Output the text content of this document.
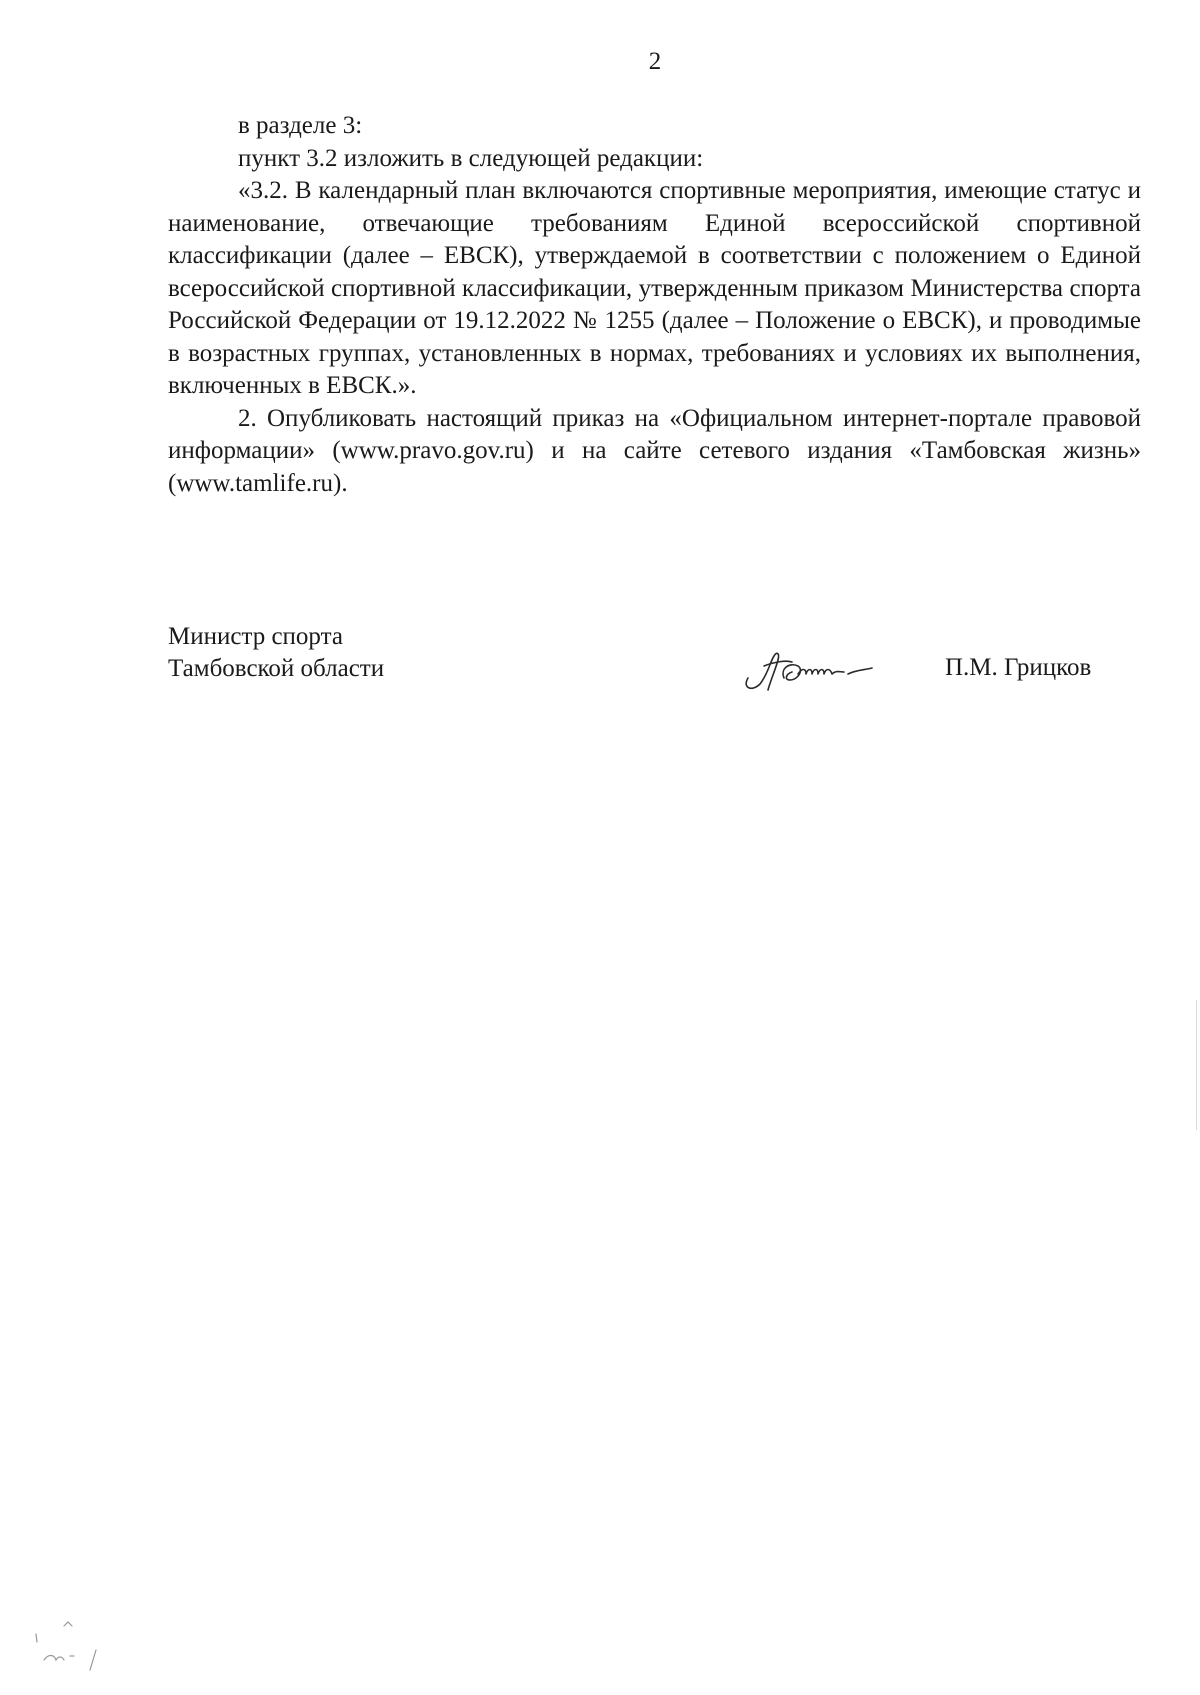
2

в разделе 3:

пункт 3.2 изложить в следующей редакции:

«3.2. В календарный план включаются спортивные мероприятия, имеющие статус и наименование, отвечающие требованиям Единой всероссийской спортивной классификации (далее – ЕВСК), утверждаемой в соответствии с положением о Единой всероссийской спортивной классификации, утвержденным приказом Министерства спорта Российской Федерации от 19.12.2022 № 1255 (далее – Положение о ЕВСК), и проводимые в возрастных группах, установленных в нормах, требованиях и условиях их выполнения, включенных в ЕВСК.».

2. Опубликовать настоящий приказ на «Официальном интернет-портале правовой информации» (www.pravo.gov.ru) и на сайте сетевого издания «Тамбовская жизнь» (www.tamlife.ru).

Министр спорта
Тамбовской области	П.М. Грицков
